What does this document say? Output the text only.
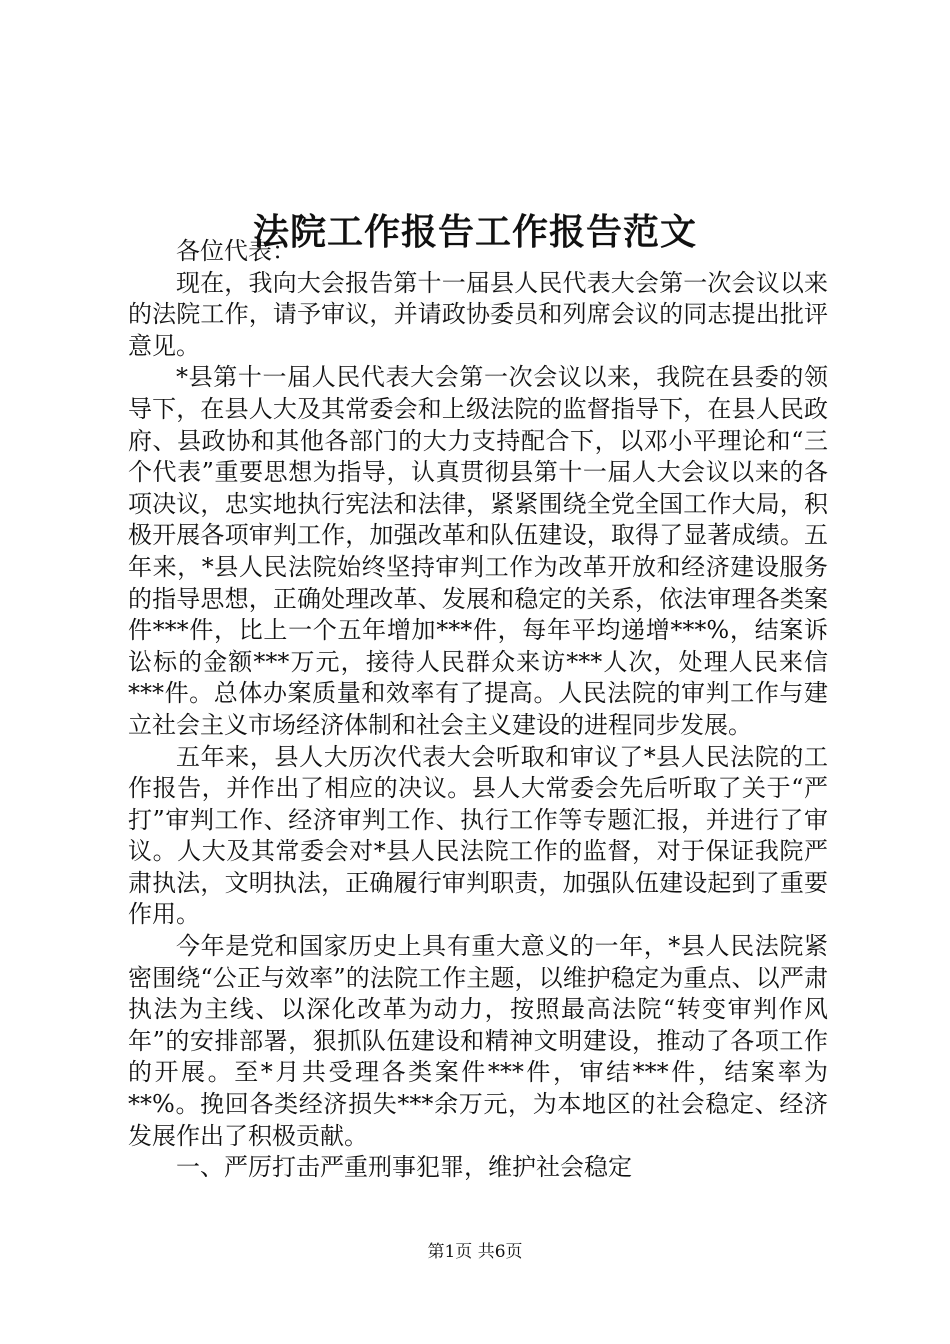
法院工作报告工作报告范文

各位代表：

现在，我向大会报告第十一届县人民代表大会第一次会议以来的法院工作，请予审议，并请政协委员和列席会议的同志提出批评意见。

*县第十一届人民代表大会第一次会议以来，我院在县委的领导下，在县人大及其常委会和上级法院的监督指导下，在县人民政府、县政协和其他各部门的大力支持配合下，以邓小平理论和“三个代表”重要思想为指导，认真贯彻县第十一届人大会议以来的各项决议，忠实地执行宪法和法律，紧紧围绕全党全国工作大局，积极开展各项审判工作，加强改革和队伍建设，取得了显著成绩。五年来，*县人民法院始终坚持审判工作为改革开放和经济建设服务的指导思想，正确处理改革、发展和稳定的关系，依法审理各类案件***件，比上一个五年增加***件，每年平均递增***%，结案诉讼标的金额***万元，接待人民群众来访***人次，处理人民来信***件。总体办案质量和效率有了提高。人民法院的审判工作与建立社会主义市场经济体制和社会主义建设的进程同步发展。

五年来，县人大历次代表大会听取和审议了*县人民法院的工作报告，并作出了相应的决议。县人大常委会先后听取了关于“严打”审判工作、经济审判工作、执行工作等专题汇报，并进行了审议。人大及其常委会对*县人民法院工作的监督，对于保证我院严肃执法，文明执法，正确履行审判职责，加强队伍建设起到了重要作用。

今年是党和国家历史上具有重大意义的一年，*县人民法院紧密围绕“公正与效率”的法院工作主题，以维护稳定为重点、以严肃执法为主线、以深化改革为动力，按照最高法院“转变审判作风年”的安排部署，狠抓队伍建设和精神文明建设，推动了各项工作的开展。至*月共受理各类案件***件，审结***件，结案率为**%。挽回各类经济损失***余万元，为本地区的社会稳定、经济发展作出了积极贡献。

一、严厉打击严重刑事犯罪，维护社会稳定

第1页 共6页
